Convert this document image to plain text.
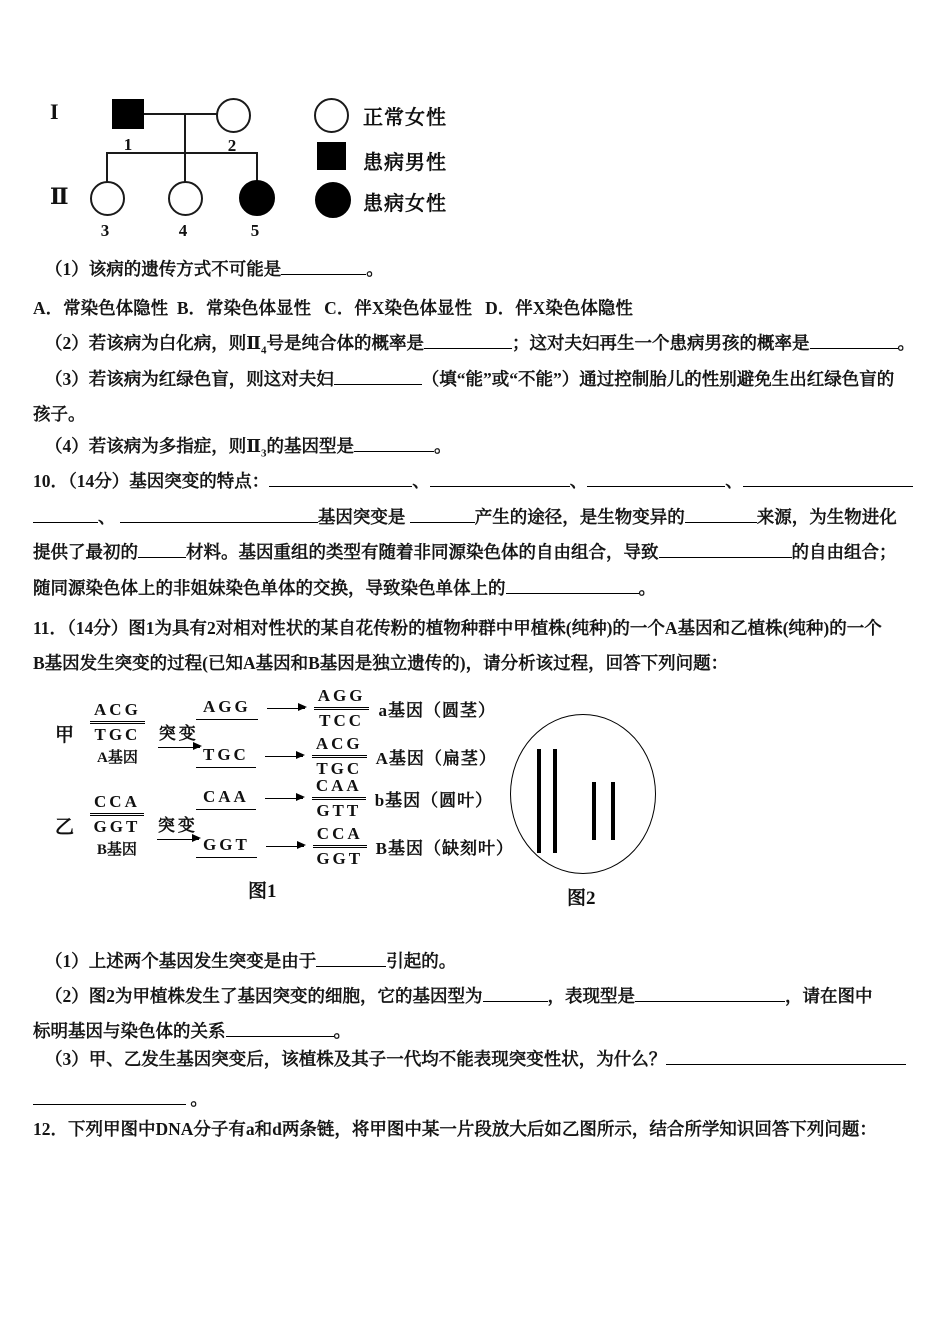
I
Ⅱ
1	2
3	4	5
正常女性
患病男性
患病女性
（1）该病的遗传方式不可能是	。
A．常染色体隐性  B．常染色体显性   C．伴X染色体显性   D．伴X染色体隐性
（2）若该病为白化病，则$Ⅱ_4$号是纯合体的概率是	；这对夫妇再生一个患病男孩的概率是	。
（3）若该病为红绿色盲，则这对夫妇	（填“能”或“不能”）通过控制胎儿的性别避免生出红绿色盲的
孩子。
（4）若该病为多指症，则$Ⅱ_3$的基因型是	。
10．（14分）基因突变的特点：	、	、	、
、	基因突变是	产生的途径，是生物变异的	来源，为生物进化
提供了最初的	材料。基因重组的类型有随着非同源染色体的自由组合，导致	的自由组合；
随同源染色体上的非姐妹染色单体的交换，导致染色单体上的	。
11．（14分）图1为具有2对相对性状的某自花传粉的植物种群中甲植株(纯种)的一个A基因和乙植株(纯种)的一个
B基因发生突变的过程(已知A基因和B基因是独立遗传的)，请分析该过程，回答下列问题：
甲
ACG
TGC
A基因
突变
AGG
AGG
TCC
a基因（圆茎）
TGC
ACG
TGC
A基因（扁茎）
乙
CCA
GGT
B基因
突变
CAA
CAA
GTT
b基因（圆叶）
GGT
CCA
GGT
B基因（缺刻叶）
图1	图2
（1）上述两个基因发生突变是由于	引起的。
（2）图2为甲植株发生了基因突变的细胞，它的基因型为	，表现型是	，请在图中
标明基因与染色体的关系	。
（3）甲、乙发生基因突变后，该植株及其子一代均不能表现突变性状，为什么？
。
12．下列甲图中DNA分子有a和d两条链，将甲图中某一片段放大后如乙图所示，结合所学知识回答下列问题：
